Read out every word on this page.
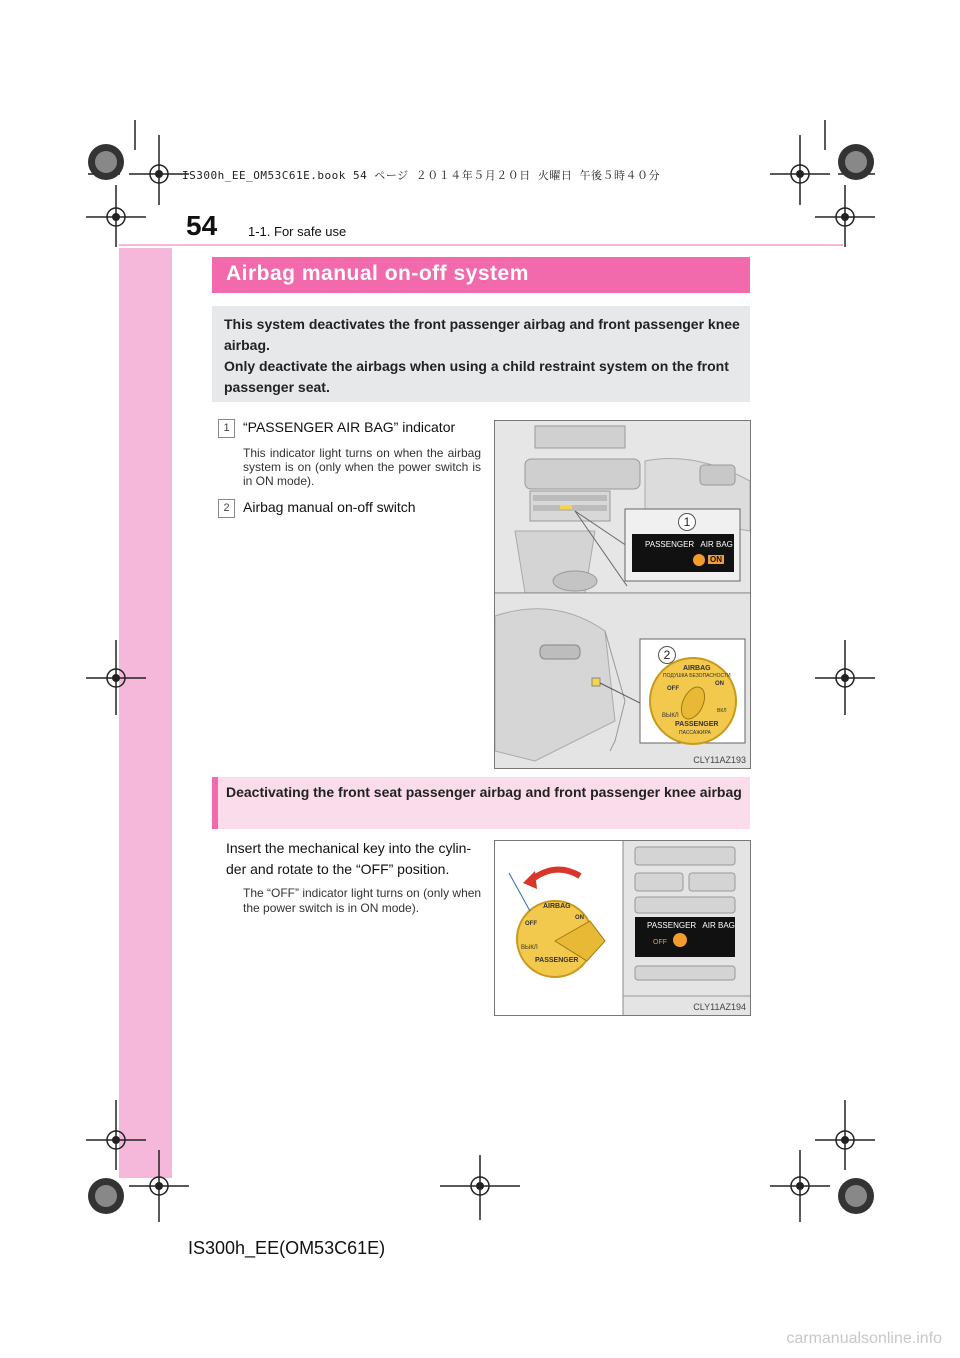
IS300h_EE_OM53C61E.book 54 ページ ２０１４年５月２０日 火曜日 午後５時４０分
54 1-1. For safe use
Airbag manual on-off system

This system deactivates the front passenger airbag and front passenger knee airbag.
Only deactivate the airbags when using a child restraint system on the front passenger seat.

1 “PASSENGER AIR BAG” indicator
This indicator light turns on when the airbag system is on (only when the power switch is in ON mode).
2 Airbag manual on-off switch
1
PASSENGER   AIR BAG
ON
2
AIRBAG
ПОДУШКА БЕЗОПАСНОСТИ
OFF
ON
ВЫКЛ
ВКЛ
PASSENGER
ПАССАЖИРА
CLY11AZ193

Deactivating the front seat passenger airbag and front passenger knee airbag

Insert the mechanical key into the cylin-der and rotate to the “OFF” position.
The “OFF” indicator light turns on (only when the power switch is in ON mode).
PASSENGER   AIR BAG
OFF
AIRBAG
OFF
ON
ВЫКЛ
PASSENGER
CLY11AZ194
IS300h_EE(OM53C61E)
carmanualsonline.info
